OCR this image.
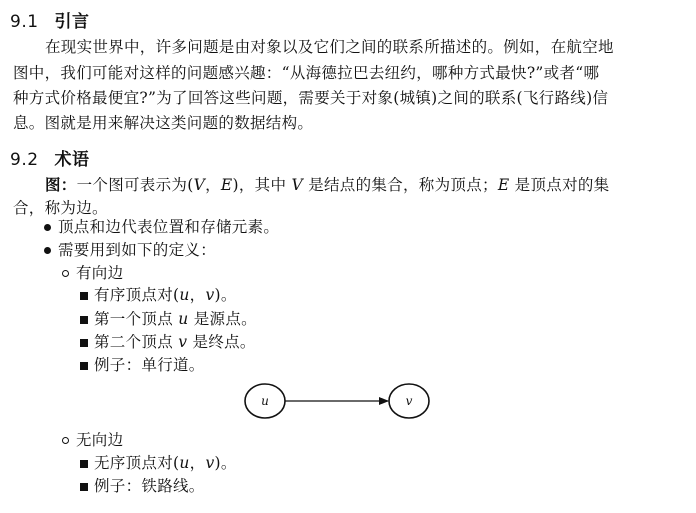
9.1 引言
在现实世界中，许多问题是由对象以及它们之间的联系所描述的。例如，在航空地
图中，我们可能对这样的问题感兴趣：“从海德拉巴去纽约，哪种方式最快?”或者“哪
种方式价格最便宜?”为了回答这些问题，需要关于对象(城镇)之间的联系(飞行路线)信
息。图就是用来解决这类问题的数据结构。
9.2 术语
图：一个图可表示为(V，E)，其中 V 是结点的集合，称为顶点；E 是顶点对的集
合，称为边。
顶点和边代表位置和存储元素。
需要用到如下的定义：
有向边
有序顶点对(u，v)。
第一个顶点 u 是源点。
第二个顶点 v 是终点。
例子：单行道。
u	v
无向边
无序顶点对(u，v)。
例子：铁路线。
